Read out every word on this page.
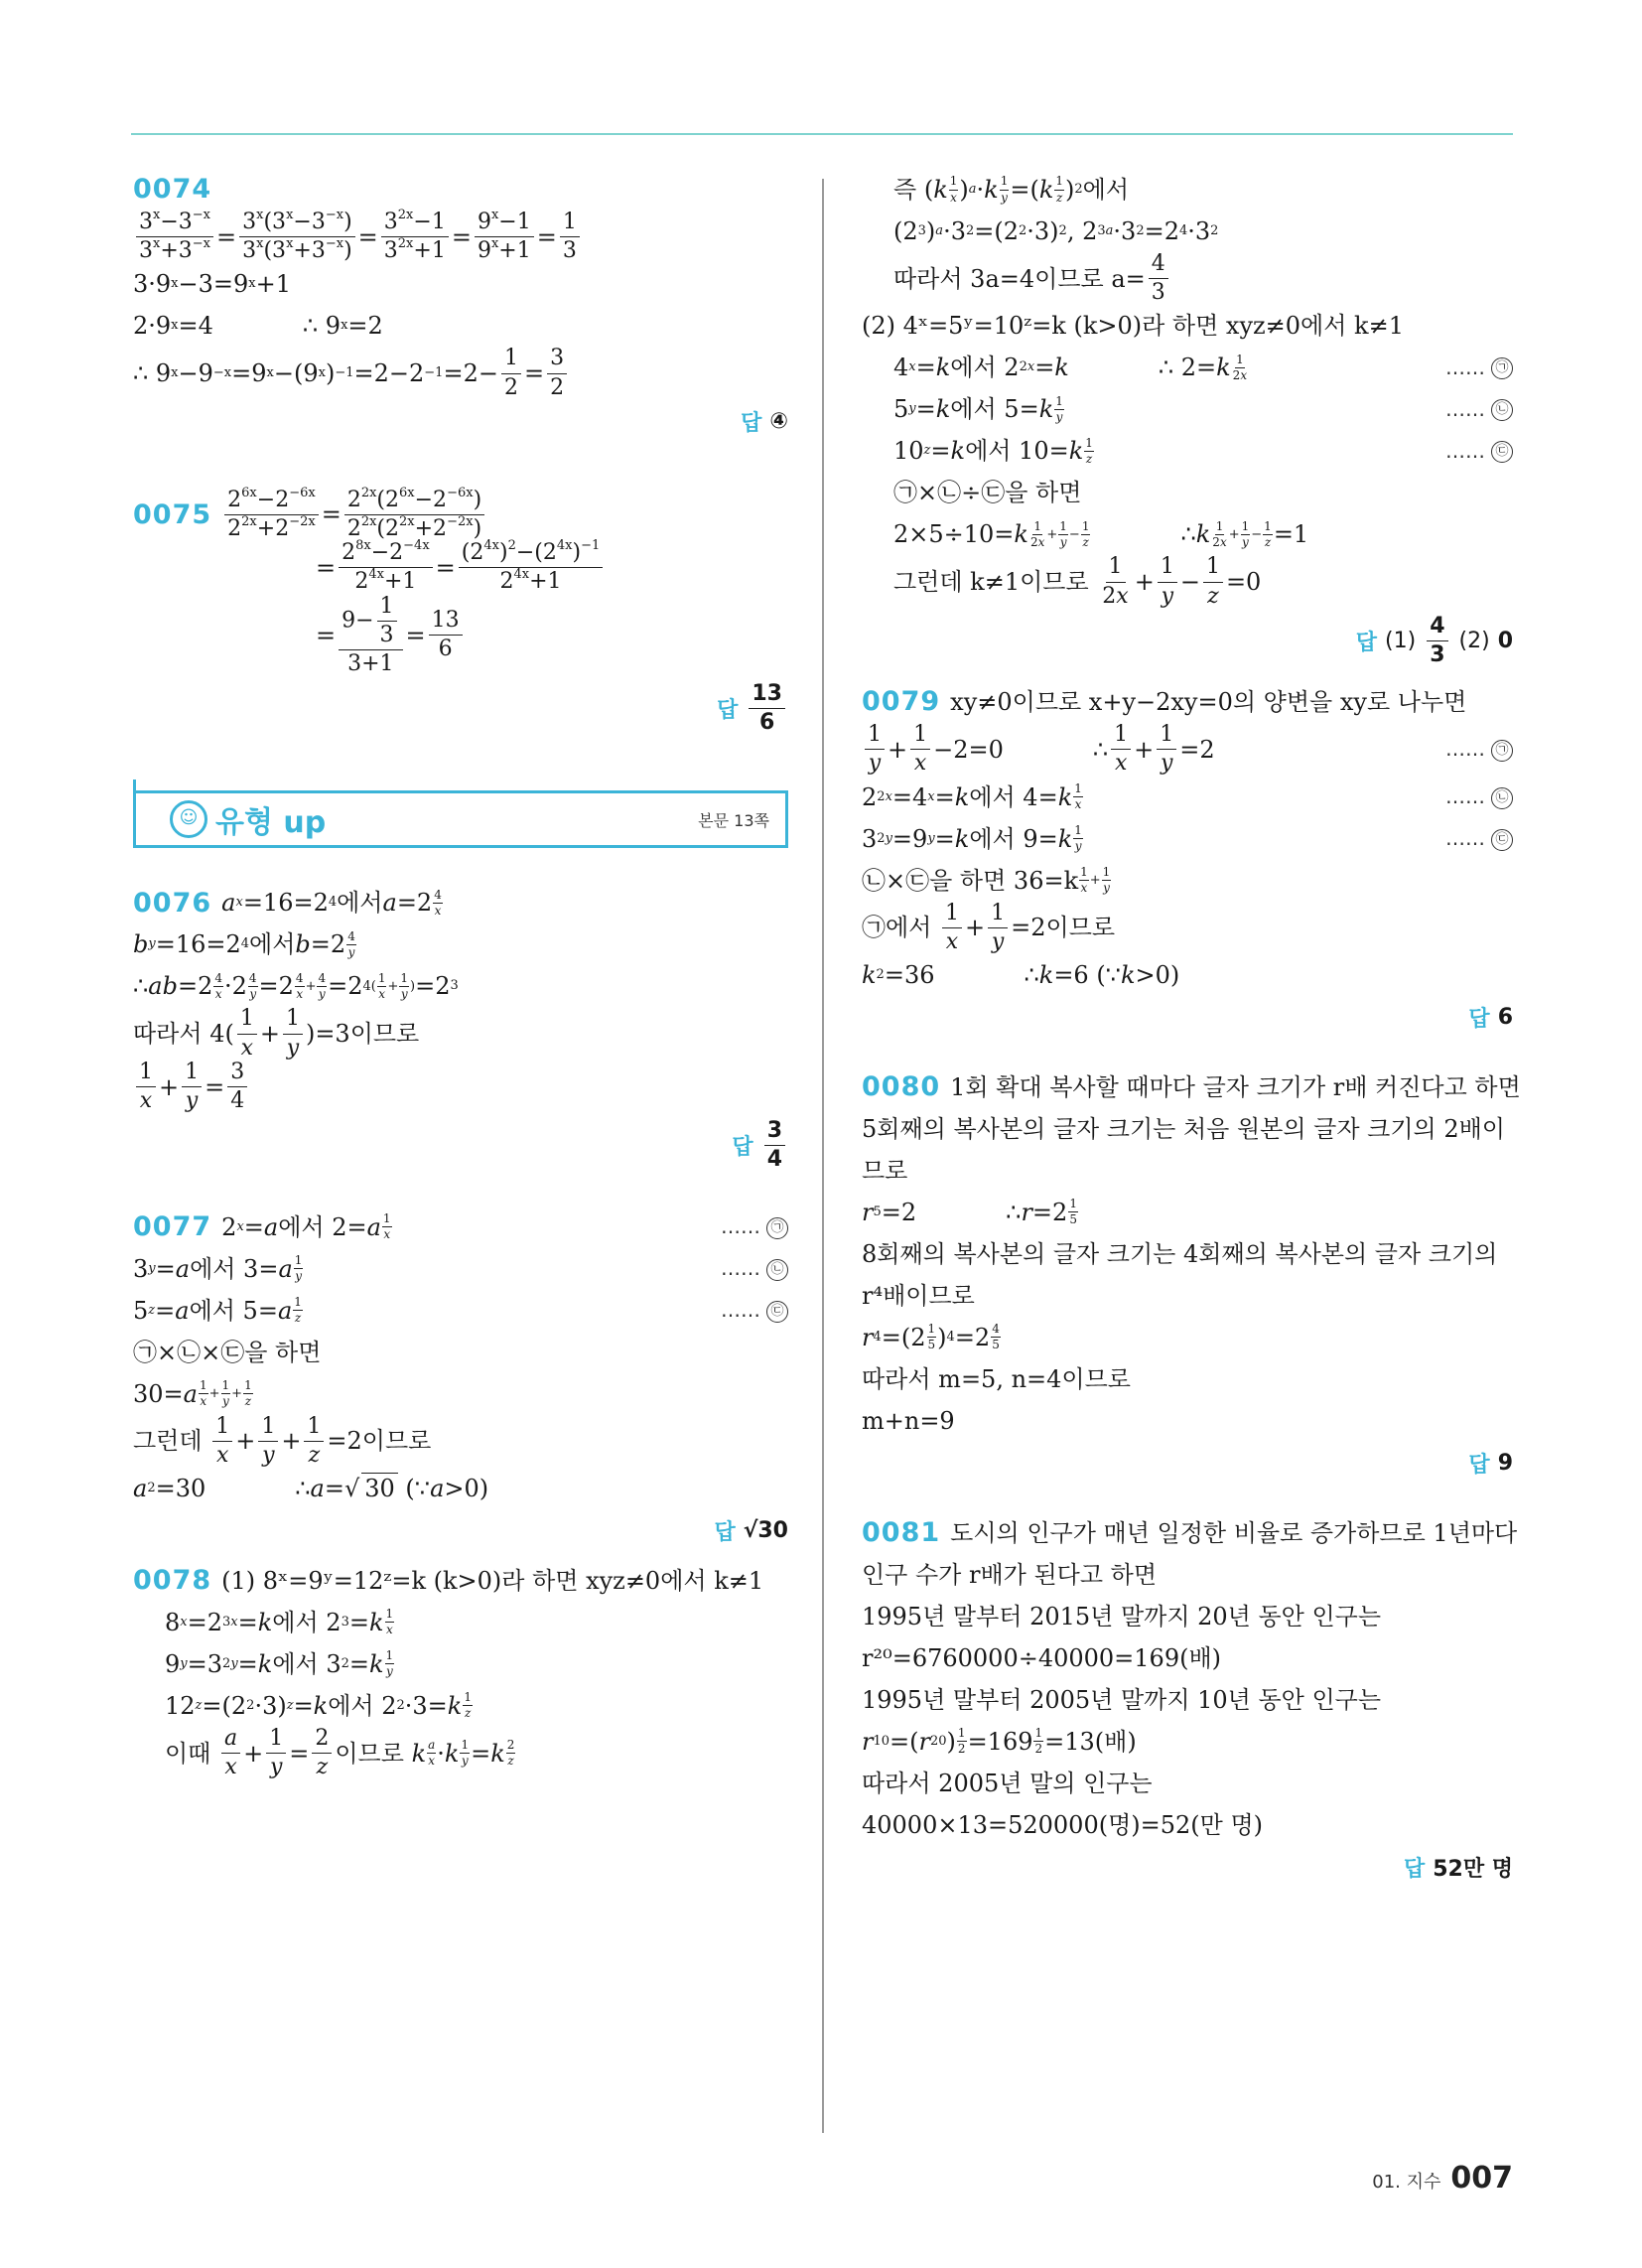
0074
$\frac{3^x-3^{-x}}{3^x+3^{-x}} = \frac{3^x(3^x-3^{-x})}{3^x(3^x+3^{-x})} = \frac{3^{2x}-1}{3^{2x}+1} = \frac{9^x-1}{9^x+1} = \frac{1}{3}$
3·9 x −3=9 x +1
2·9 x =4	∴ 9 x =2
∴ 9 x −9 −x =9 x −(9 x ) $-1 =2-2 -1 =2- \frac{1}{2} = \frac{3}{2}$
답 ④
$0075 \frac{2^{6x}-2^{-6x}}{2^{2x}+2^{-2x}} = \frac{2^{2x}(2^{6x}-2^{-6x})}{2^{2x}(2^{2x}+2^{-2x})}$
= $\frac{2^{8x}-2^{-4x}}{2^{4x}+1} = \frac{(2^{4x})^2-(2^{4x})^{-1}}{2^{4x}+1}$
= $\frac{9- \frac{1}{3}}{3+1} = \frac{13}{6}$
답 $\frac{13}{6}$
☺ 유형 up	본문 13쪽
0076 a x =16=2 4 에서 $a =2 \frac{4}{x}$
b y =16=2 4 에서 $b =2 \frac{4}{y}$
∴ ab $=2 \frac{4}{x} \cdot 2 \frac{4}{y} =2 \frac{4}{x} + \frac{4}{y} =2$ $4( \frac{1}{x} + \frac{1}{y}$ ) =2 3
따라서 $4( \frac{1}{x} + \frac{1}{y}$ ) =3이므로
$\frac{1}{x} + \frac{1}{y} = \frac{3}{4}$
답 $\frac{3}{4}$
0077 2 x = a 에서 2= a $\frac{1}{x}$	…… ㉠
3 y = a 에서 3= a $\frac{1}{y}$	…… ㉡
5 z = a 에서 5= a $\frac{1}{z}$	…… ㉢
㉠×㉡×㉢을 하면
30= a $\frac{1}{x} + \frac{1}{y} + \frac{1}{z}$
그런데
$\frac{1}{x} + \frac{1}{y} + \frac{1}{z} =2$이므로
a 2 =30	∴ a =√ 30 (∵ a >0)
답 √30
0078 (1) 8ˣ=9ʸ=12ᶻ=k (k>0)라 하면 xyz≠0에서 k≠1
8 x =2 3x = k 에서 2 3 = k $\frac{1}{x}$
9 y =3 2y = k 에서 3 2 = k $\frac{1}{y}$
12 z =(2 2 ·3) z = k 에서 2 2 ·3= k $\frac{1}{z}$
이때
$\frac{a}{x} + \frac{1}{y} = \frac{2}{z}$ 이므로
k $\frac{a}{x} \cdot k \frac{1}{y} = k \frac{2}{z}$
즉 ( k $\frac{1}{x}$ ) a · k $\frac{1}{y}$ =( k $\frac{1}{z}$ ) 2 에서
(2 3 ) a ·3 2 =(2 2 ·3) 2 , 2 3a ·3 2 =2 4 ·3 2
따라서 3a=4이므로 $a= \frac{4}{3}$
(2) 4ˣ=5ʸ=10ᶻ=k (k>0)라 하면 xyz≠0에서 k≠1
4 x = k 에서 2 2x = k	∴ 2= k $\frac{1}{2x}$	…… ㉠
5 y = k 에서 5= k $\frac{1}{y}$	…… ㉡
10 z = k 에서 10= k $\frac{1}{z}$	…… ㉢
㉠×㉡÷㉢을 하면
2×5÷10= k $\frac{1}{2x} + \frac{1}{y} - \frac{1}{z}$	∴ k $\frac{1}{2x} + \frac{1}{y} - \frac{1}{z} =1$
그런데 k≠1이므로
$\frac{1}{2x} + \frac{1}{y} - \frac{1}{z} =0$
답 $(1) \frac{4}{3} (2)$ 0
0079 xy≠0이므로 x+y−2xy=0의 양변을 xy로 나누면
$\frac{1}{y} + \frac{1}{x} -2=0$	∴ $\frac{1}{x} + \frac{1}{y} =2$	…… ㉠
2 2x =4 x = k 에서 4= k $\frac{1}{x}$	…… ㉡
3 2y =9 y = k 에서 9= k $\frac{1}{y}$	…… ㉢
㉡×㉢을 하면 $36=k \frac{1}{x} + \frac{1}{y}$
㉠에서
$\frac{1}{x} + \frac{1}{y} =2$이므로
k 2 =36	∴ k =6 (∵ k >0)
답 6
0080 1회 확대 복사할 때마다 글자 크기가 r배 커진다고 하면
5회째의 복사본의 글자 크기는 처음 원본의 글자 크기의 2배이
므로
r 5 =2	∴ $r =2 \frac{1}{5}$
8회째의 복사본의 글자 크기는 4회째의 복사본의 글자 크기의
r⁴배이므로
r $4 =(2 \frac{1}{5}$ ) $4 =2 \frac{4}{5}$
따라서 m=5, n=4이므로
m+n=9
답 9
0081 도시의 인구가 매년 일정한 비율로 증가하므로 1년마다
인구 수가 r배가 된다고 하면
1995년 말부터 2015년 말까지 20년 동안 인구는
r²⁰=6760000÷40000=169(배)
1995년 말부터 2005년 말까지 10년 동안 인구는
r 10 =( r 20 ) $\frac{1}{2} =169 \frac{1}{2} =13$(배)
따라서 2005년 말의 인구는
40000×13=520000(명)=52(만 명)
답 52만 명
01. 지수 007
